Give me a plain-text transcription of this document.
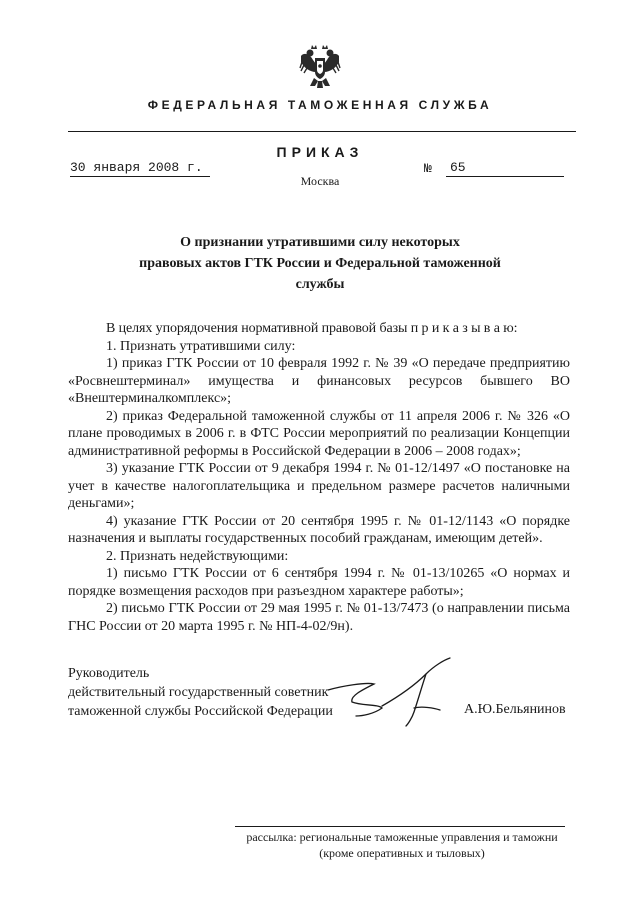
ФЕДЕРАЛЬНАЯ ТАМОЖЕННАЯ СЛУЖБА
ПРИКАЗ
30 января 2008 г.	№	65
Москва
О признании утратившими силу некоторых
правовых актов ГТК России и Федеральной таможенной службы

В целях упорядочения нормативной правовой базы п р и к а з ы в а ю:

1. Признать утратившими силу:

1) приказ ГТК России от 10 февраля 1992 г. № 39 «О передаче предприятию «Росвнештерминал» имущества и финансовых ресурсов бывшего ВО «Внештерминалкомплекс»;

2) приказ Федеральной таможенной службы от 11 апреля 2006 г. № 326 «О плане проводимых в 2006 г. в ФТС России мероприятий по реализации Концепции административной реформы в Российской Федерации в 2006 – 2008 годах»;

3) указание ГТК России от 9 декабря 1994 г. № 01-12/1497 «О постановке на учет в качестве налогоплательщика и предельном размере расчетов наличными деньгами»;

4) указание ГТК России от 20 сентября 1995 г. № 01-12/1143 «О порядке назначения и выплаты государственных пособий гражданам, имеющим детей».

2. Признать недействующими:

1) письмо ГТК России от 6 сентября 1994 г. № 01-13/10265 «О нормах и порядке возмещения расходов при разъездном характере работы»;

2) письмо ГТК России от 29 мая 1995 г. № 01-13/7473 (о направлении письма ГНС России от 20 марта 1995 г. № НП-4-02/9н).

Руководитель
действительный государственный советник
таможенной службы Российской Федерации	А.Ю.Бельянинов
рассылка: региональные таможенные управления и таможни
(кроме оперативных и тыловых)
